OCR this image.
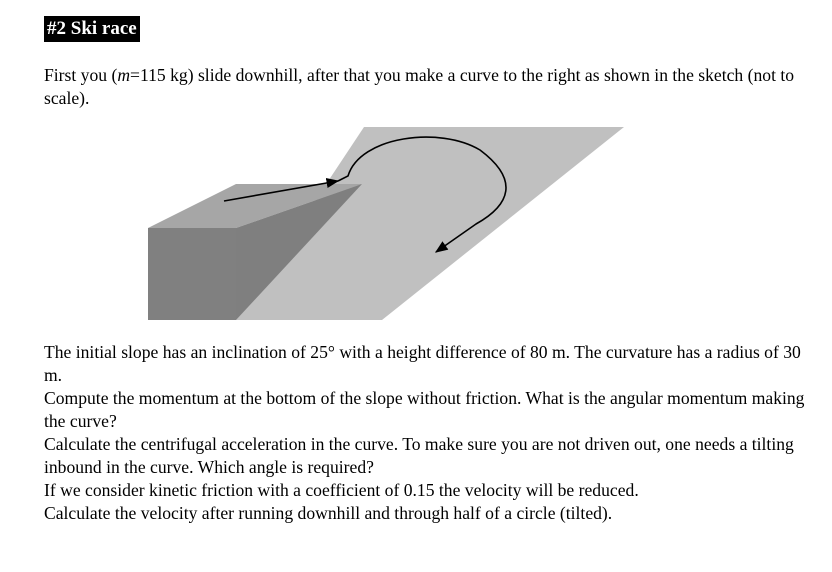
#2 Ski race

First you (m=115 kg) slide downhill, after that you make a curve to the right as shown in the sketch (not to scale).

The initial slope has an inclination of 25° with a height difference of 80 m. The curvature has a radius of 30 m.
Compute the momentum at the bottom of the slope without friction. What is the angular momentum making the curve?
Calculate the centrifugal acceleration in the curve. To make sure you are not driven out, one needs a tilting inbound in the curve. Which angle is required?
If we consider kinetic friction with a coefficient of 0.15 the velocity will be reduced.
Calculate the velocity after running downhill and through half of a circle (tilted).
